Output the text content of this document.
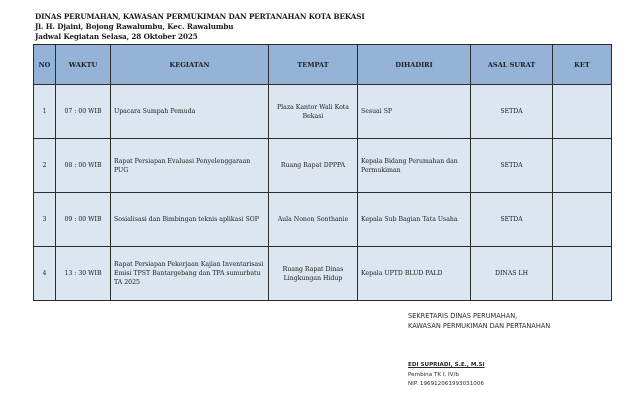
DINAS PERUMAHAN, KAWASAN PERMUKIMAN DAN PERTANAHAN KOTA BEKASI
Jl. H. Djaini, Bojong Rawalumbu, Kec. Rawalumbu
Jadwal Kegiatan Selasa, 28 Oktober 2025
NO	WAKTU	KEGIATAN	TEMPAT	DIHADIRI	ASAL SURAT	KET
1	07 : 00 WIB	Upacara Sumpah Pemuda	Plaza Kantor Wali Kota Bekasi	Sesuai SP	SETDA	
2	08 : 00 WIB	Rapat Persiapan Evaluasi Penyelenggaraan PUG	Ruang Rapat DPPPA	Kepala Bidang Perumahan dan Permukiman	SETDA	
3	09 : 00 WIB	Sosialisasi dan Bimbingan teknis aplikasi SOP	Aula Nonon Sonthanie	Kepala Sub Bagian Tata Usaha	SETDA	
4	13 : 30 WIB	Rapat Persiapan Pekerjaan Kajian Inventarisasi Emisi TPST Bantargebang dan TPA sumurbatu TA 2025	Ruang Rapat Dinas Lingkungan Hidup	Kepala UPTD BLUD PALD	DINAS LH	
SEKRETARIS DINAS PERUMAHAN,
KAWASAN PERMUKIMAN DAN PERTANAHAN
EDI SUPRIADI, S.E., M.Si
Pembina TK I, IV/b
NIP. 196912061993031006
